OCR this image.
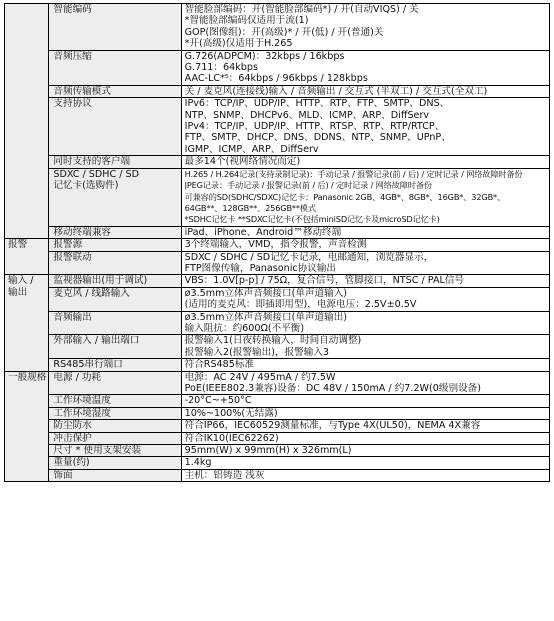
	智能编码	智能脸部编码：开(智能脸部编码*) / 开(自动VIQS) / 关
*智能脸部编码仅适用于流(1)
GOP(图像组)：开(高级)* / 开(低) / 开(普通)关
*开(高级)仅适用于H.265

	音频压缩	G.726(ADPCM)：32kbps / 16kbps
G.711：64kbps
AAC-LC*⁵：64kbps / 96kbps / 128kbps

	音频传输模式	关 / 麦克风(连接线)输入 / 音频输出 / 交互式 (半双工) / 交互式(全双工)

	支持协议	IPv6：TCP/IP、UDP/IP、HTTP、RTP、FTP、SMTP、DNS、
NTP、SNMP、DHCPv6、MLD、ICMP、ARP、DiffServ
IPv4：TCP/IP、UDP/IP、HTTP、RTSP、RTP、RTP/RTCP、
FTP、SMTP、DHCP、DNS、DDNS、NTP、SNMP、UPnP、
IGMP、ICMP、ARP、DiffServ

	同时支持的客户端	最多14个(视网络情况而定)

	SDXC / SDHC / SD
记忆卡(选购件)	H.265 / H.264记录(支持录制记录)：手动记录 / 报警记录(前 / 后) / 定时记录 / 网络故障时备份
JPEG记录：手动记录 / 报警记录(前 / 后) / 定时记录 / 网络故障时备份
可兼容的SD(SDHC/SDXC)记忆卡：Panasonic 2GB、4GB*、8GB*、16GB*、32GB*、
64GB**、128GB**、256GB**模式
*SDHC记忆卡 **SDXC记忆卡(不包括miniSD记忆卡及microSD记忆卡)

	移动终端兼容	iPad、iPhone、Android™移动终端

报警	报警源	3个终端输入，VMD，指令报警，声音检测

	报警联动	SDXC / SDHC / SD记忆卡记录，电邮通知，浏览器显示，
FTP图像传输，Panasonic协议输出

输入 /
输出	监视器输出(用于调试)	VBS：1.0V[p-p] / 75Ω，复合信号，管脚接口，NTSC / PAL信号

	麦克风 / 线路输入	ø3.5mm立体声音频接口(单声道输入)
(适用的麦克风：即插即用型)，电源电压：2.5V±0.5V

	音频输出	ø3.5mm立体声音频接口(单声道输出)
输入阻抗：约600Ω(不平衡)

	外部输入 / 输出端口	报警输入1(日夜转换输入，时间自动调整)
报警输入2(报警输出)，报警输入3

	RS485串行端口	符合RS485标准

一般规格	电源 / 功耗	电源：AC 24V / 495mA / 约7.5W
PoE(IEEE802.3兼容)设备：DC 48V / 150mA / 约7.2W(0级别设备)

	工作环境温度	-20°C~+50°C

	工作环境湿度	10%~100%(无结露)

	防尘防水	符合IP66，IEC60529测量标准，与Type 4X(UL50)，NEMA 4X兼容

	冲击保护	符合IK10(IEC62262)

	尺寸 * 使用支架安装	95mm(W) x 99mm(H) x 326mm(L)

	重量(约)	1.4kg

	饰面	主机：铝铸造 浅灰
